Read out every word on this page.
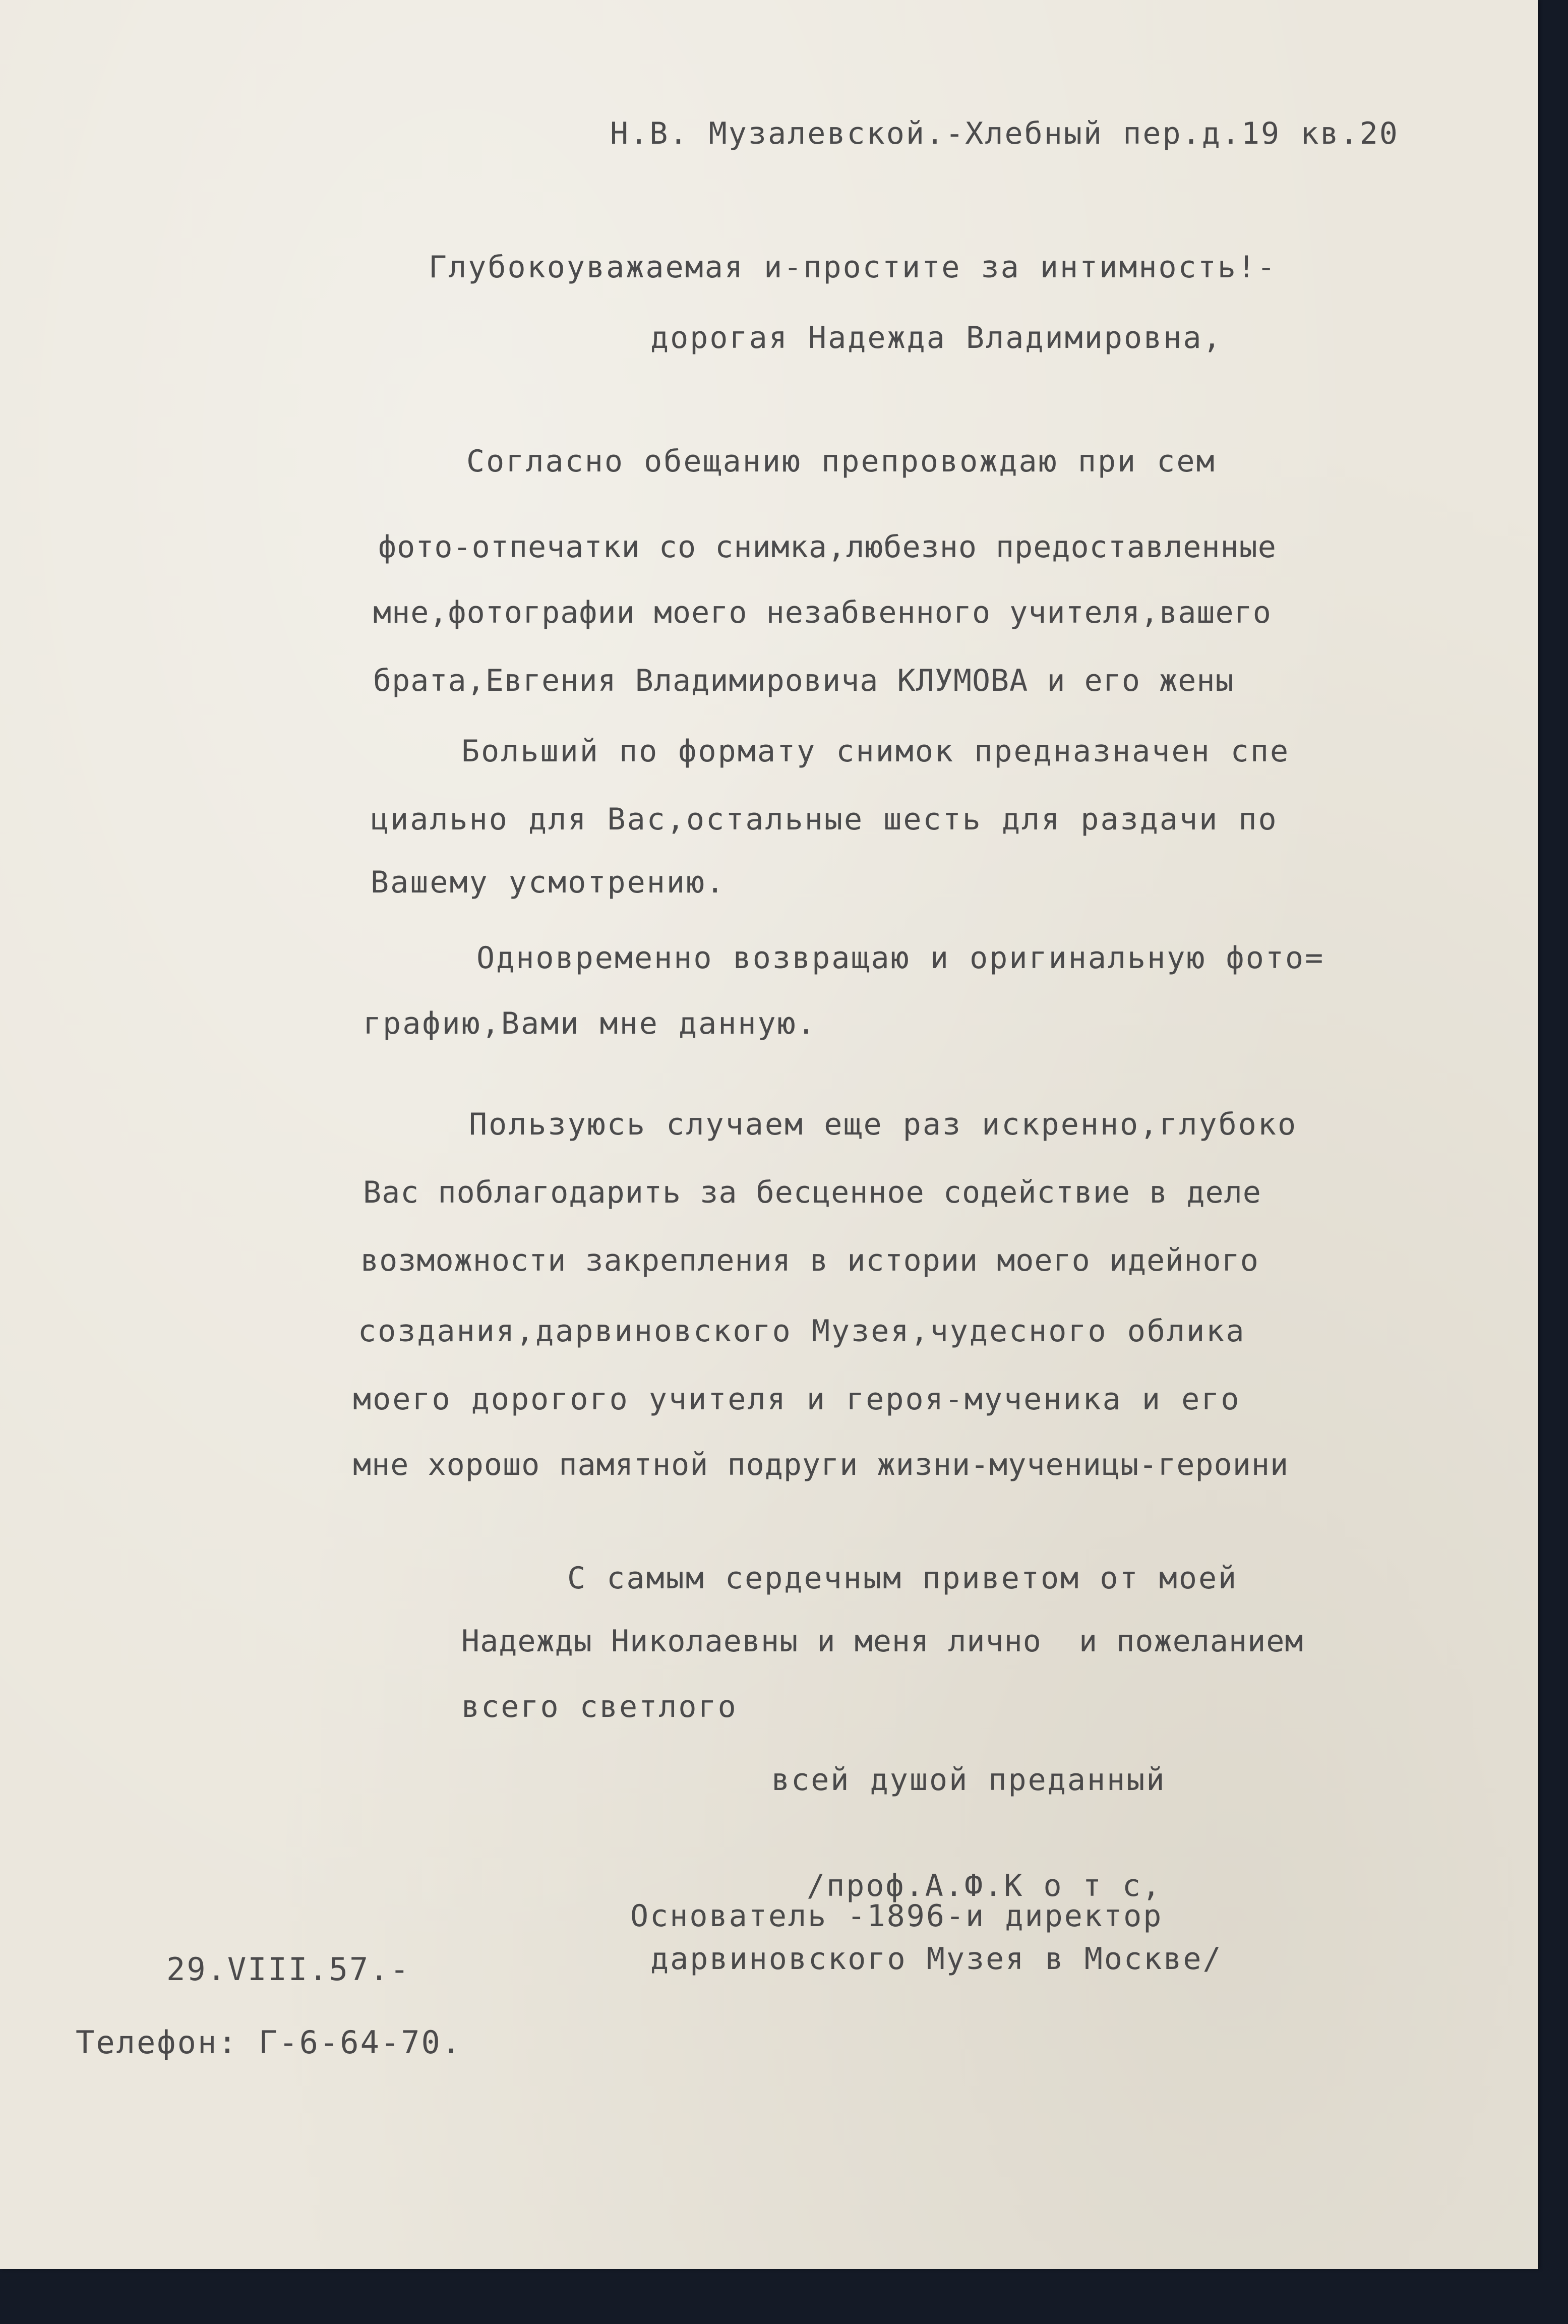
Н.В. Музалевской.-Хлебный пер.д.19 кв.20

Глубокоуважаемая и-простите за интимность!-

дорогая Надежда Владимировна,

Согласно обещанию препровождаю при сем

фото-отпечатки со снимка,любезно предоставленные

мне,фотографии моего незабвенного учителя,вашего

брата,Евгения Владимировича КЛУМОВА и его жены

Больший по формату снимок предназначен спе

циально для Вас,остальные шесть для раздачи по

Вашему усмотрению.

Одновременно возвращаю и оригинальную фото=

графию,Вами мне данную.

Пользуюсь случаем еще раз искренно,глубоко

Вас поблагодарить за бесценное содействие в деле

возможности закрепления в истории моего идейного

создания,дарвиновского Музея,чудесного облика

моего дорогого учителя и героя-мученика и его

мне хорошо памятной подруги жизни-мученицы-героини

С самым сердечным приветом от моей

Надежды Николаевны и меня лично  и пожеланием

всего светлого

всей душой преданный

/проф.А.Ф.К о т с,

Основатель -1896-и директор

дарвиновского Музея в Москве/

29.VIII.57.-

Телефон: Г-6-64-70.
